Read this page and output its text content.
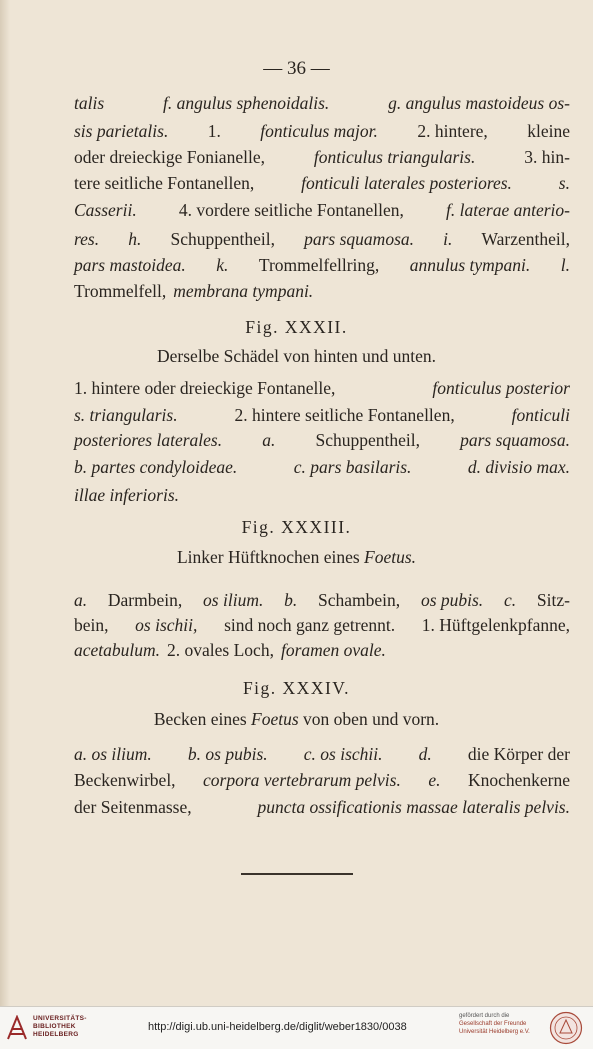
— 36 —
talis	f. angulus sphenoidalis.	g. angulus mastoideus os-
sis parietalis. 1. fonticulus major. 2. hintere, kleine
oder dreieckige Fonianelle,	fonticulus triangularis.	3. hin-
tere seitliche Fontanellen,	fonticuli laterales posteriores.	s.
Casserii. 4. vordere seitliche Fontanellen, f. laterae anterio-
res. h. Schuppentheil, pars squamosa. i. Warzentheil,
pars mastoidea. k. Trommelfellring, annulus tympani. l.
Trommelfell, membrana tympani.
Fig. XXXII.
Derselbe Schädel von hinten und unten.
1. hintere oder dreieckige Fontanelle,	fonticulus posterior
s. triangularis.	2. hintere seitliche Fontanellen,	fonticuli
posteriores laterales. a. Schuppentheil, pars squamosa.
b. partes condyloideae.	c. pars basilaris.	d. divisio max.
illae inferioris.
Fig. XXXIII.
Linker Hüftknochen eines Foetus.
a. Darmbein, os ilium. b. Schambein, os pubis. c. Sitz-
bein, os ischii, sind noch ganz getrennt. 1. Hüftgelenkpfanne,
acetabulum. 2. ovales Loch, foramen ovale.
Fig. XXXIV.
Becken eines Foetus von oben und vorn.
a. os ilium. b. os pubis. c. os ischii. d. die Körper der
Beckenwirbel, corpora vertebrarum pelvis. e. Knochenkerne
der Seitenmasse,	puncta ossificationis massae lateralis pelvis.
UNIVERSITÄTS-
BIBLIOTHEK
HEIDELBERG
http://digi.ub.uni-heidelberg.de/diglit/weber1830/0038
gefördert durch die
Gesellschaft der Freunde
Universität Heidelberg e.V.
